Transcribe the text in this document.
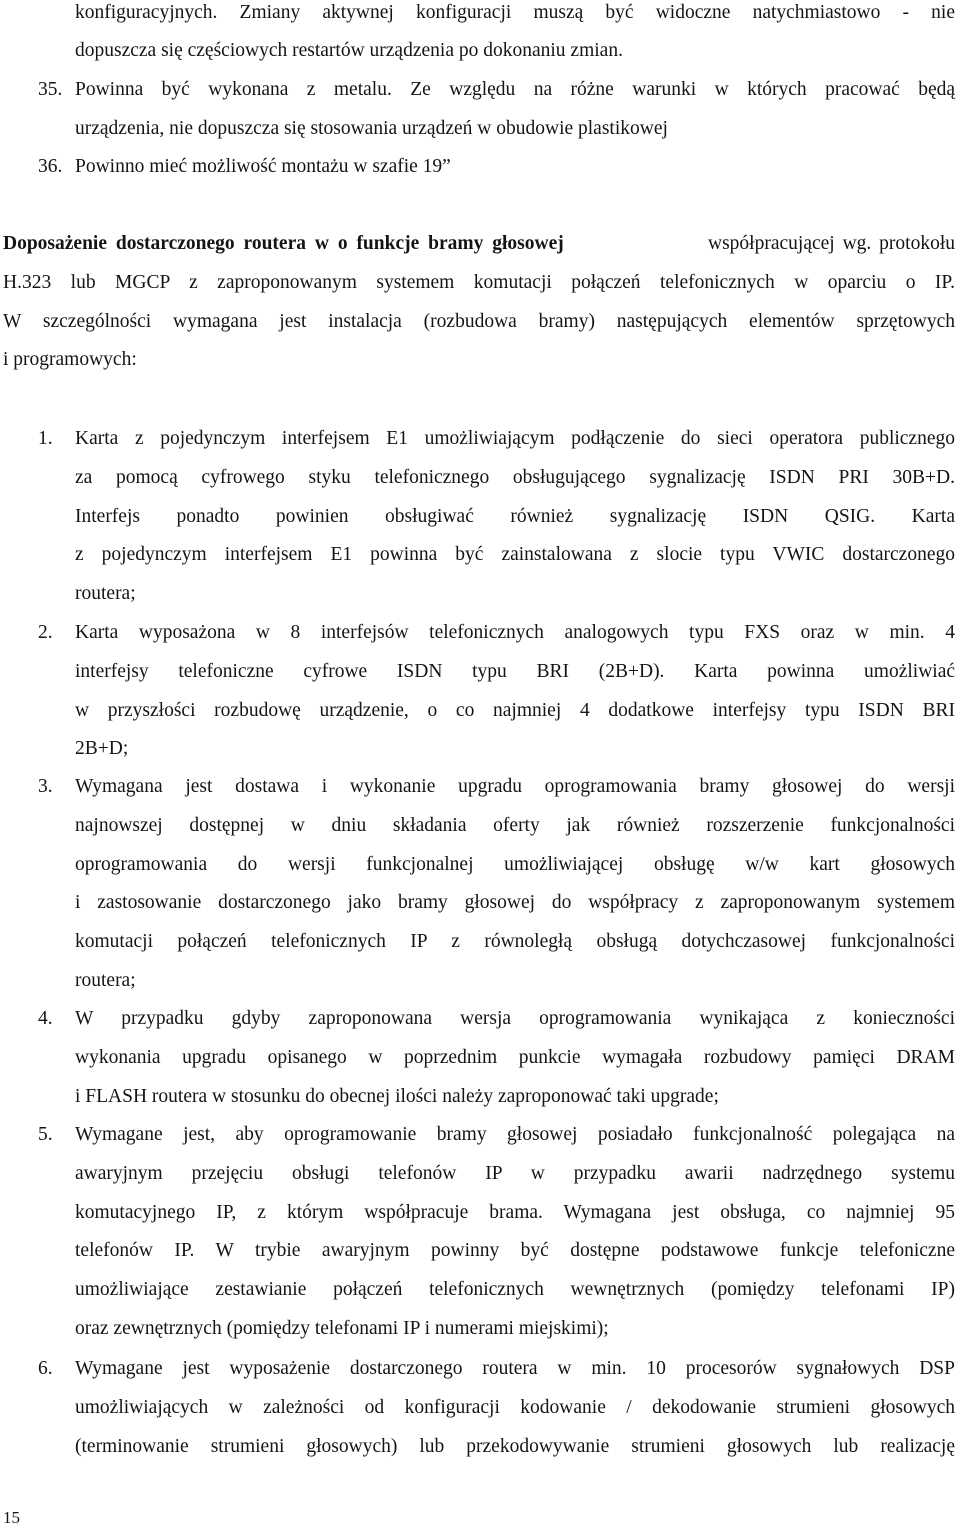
konfiguracyjnych. Zmiany aktywnej konfiguracji muszą być widoczne natychmiastowo - nie
dopuszcza się częściowych restartów urządzenia po dokonaniu zmian.
35. Powinna być wykonana z metalu. Ze względu na różne warunki w których pracować będą
urządzenia, nie dopuszcza się stosowania urządzeń w obudowie plastikowej
36. Powinno mieć możliwość montażu w szafie 19”
Doposażenie dostarczonego routera w o funkcje bramy głosowej	współpracującej wg. protokołu
H.323 lub MGCP z zaproponowanym systemem komutacji połączeń telefonicznych w oparciu o IP.
W szczególności wymagana jest instalacja (rozbudowa bramy) następujących elementów sprzętowych
i programowych:
1. Karta z pojedynczym interfejsem E1 umożliwiającym podłączenie do sieci operatora publicznego
za pomocą cyfrowego styku telefonicznego obsługującego sygnalizację ISDN PRI 30B+D.
Interfejs ponadto powinien obsługiwać również sygnalizację ISDN QSIG. Karta
z pojedynczym interfejsem E1 powinna być zainstalowana z slocie typu VWIC dostarczonego
routera;
2. Karta wyposażona w 8 interfejsów telefonicznych analogowych typu FXS oraz w min. 4
interfejsy telefoniczne cyfrowe ISDN typu BRI (2B+D). Karta powinna umożliwiać
w przyszłości rozbudowę urządzenie, o co najmniej 4 dodatkowe interfejsy typu ISDN BRI
2B+D;
3. Wymagana jest dostawa i wykonanie upgradu oprogramowania bramy głosowej do wersji
najnowszej dostępnej w dniu składania oferty jak również rozszerzenie funkcjonalności
oprogramowania do wersji funkcjonalnej umożliwiającej obsługę w/w kart głosowych
i zastosowanie dostarczonego jako bramy głosowej do współpracy z zaproponowanym systemem
komutacji połączeń telefonicznych IP z równoległą obsługą dotychczasowej funkcjonalności
routera;
4. W przypadku gdyby zaproponowana wersja oprogramowania wynikająca z konieczności
wykonania upgradu opisanego w poprzednim punkcie wymagała rozbudowy pamięci DRAM
i FLASH routera w stosunku do obecnej ilości należy zaproponować taki upgrade;
5. Wymagane jest, aby oprogramowanie bramy głosowej posiadało funkcjonalność polegająca na
awaryjnym przejęciu obsługi telefonów IP w przypadku awarii nadrzędnego systemu
komutacyjnego IP, z którym współpracuje brama. Wymagana jest obsługa, co najmniej 95
telefonów IP. W trybie awaryjnym powinny być dostępne podstawowe funkcje telefoniczne
umożliwiające zestawianie połączeń telefonicznych wewnętrznych (pomiędzy telefonami IP)
oraz zewnętrznych (pomiędzy telefonami IP i numerami miejskimi);
6. Wymagane jest wyposażenie dostarczonego routera w min. 10 procesorów sygnałowych DSP
umożliwiających w zależności od konfiguracji kodowanie / dekodowanie strumieni głosowych
(terminowanie strumieni głosowych) lub przekodowywanie strumieni głosowych lub realizację
15
